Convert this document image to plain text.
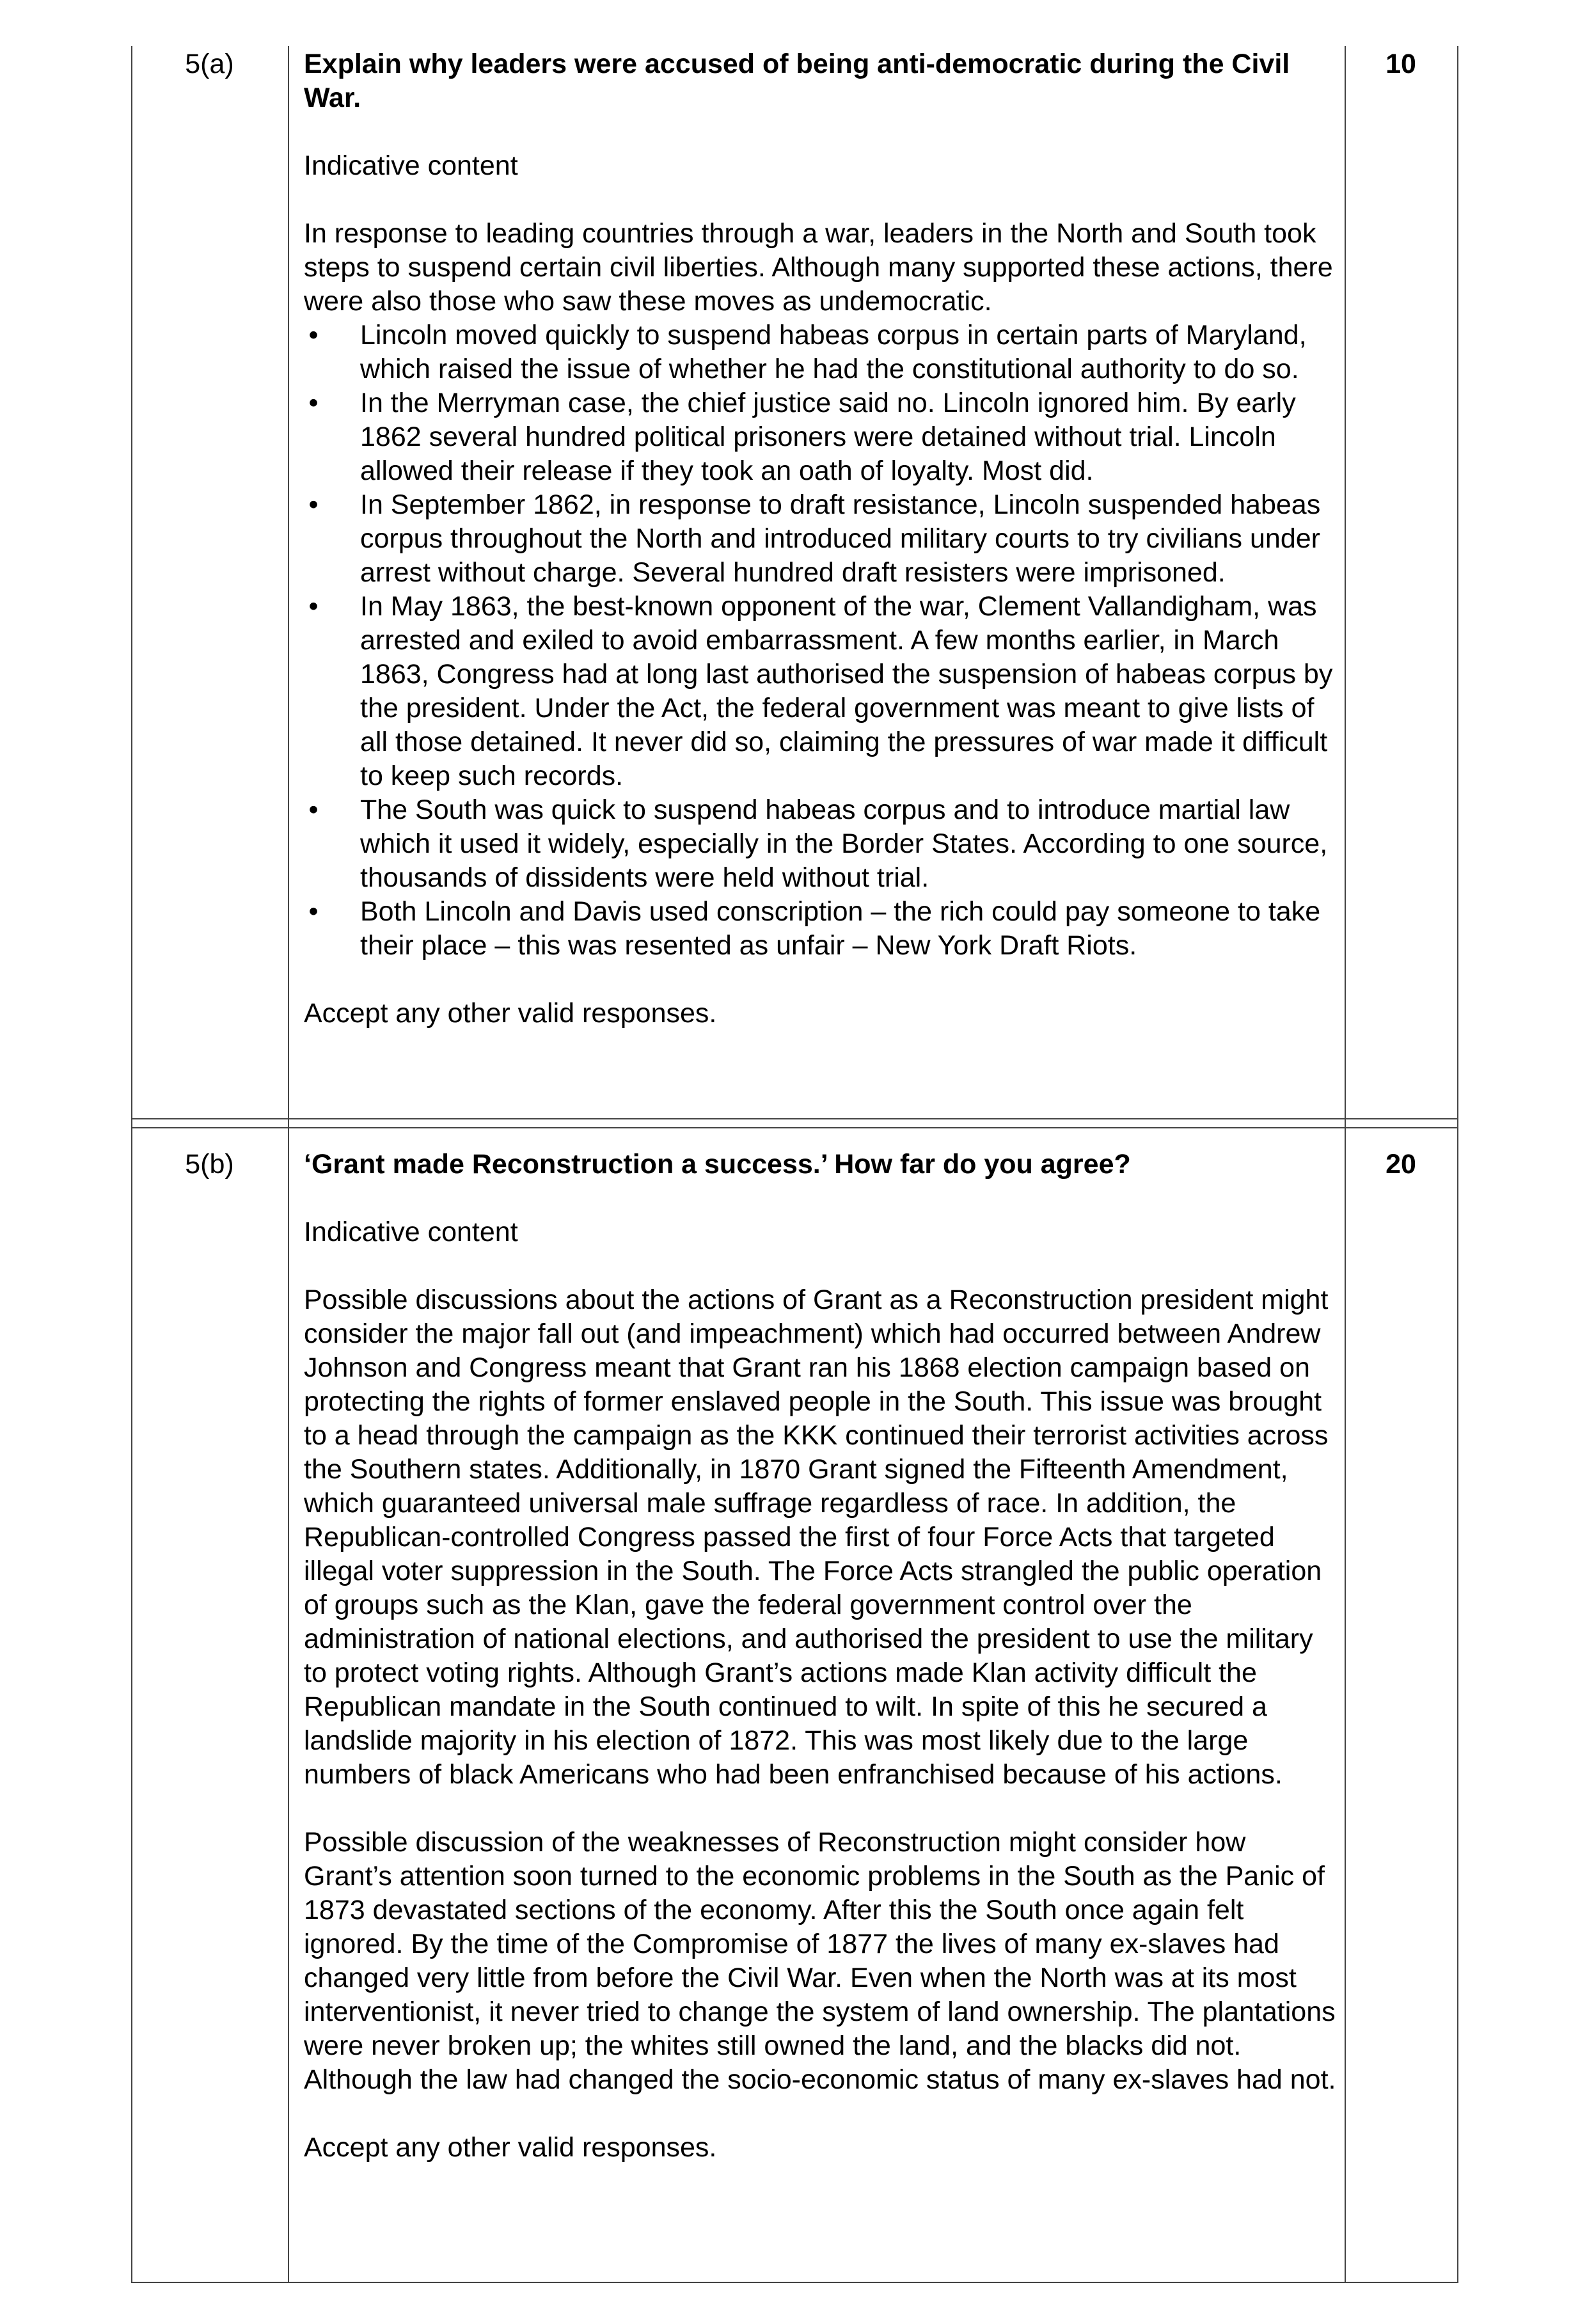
5(a)	10

Explain why leaders were accused of being anti-democratic during the Civil War.

Indicative content

In response to leading countries through a war, leaders in the North and South took steps to suspend certain civil liberties. Although many supported these actions, there were also those who saw these moves as undemocratic.

• Lincoln moved quickly to suspend habeas corpus in certain parts of Maryland, which raised the issue of whether he had the constitutional authority to do so.
• In the Merryman case, the chief justice said no. Lincoln ignored him. By early 1862 several hundred political prisoners were detained without trial. Lincoln allowed their release if they took an oath of loyalty. Most did.
• In September 1862, in response to draft resistance, Lincoln suspended habeas corpus throughout the North and introduced military courts to try civilians under arrest without charge. Several hundred draft resisters were imprisoned.
• In May 1863, the best-known opponent of the war, Clement Vallandigham, was arrested and exiled to avoid embarrassment. A few months earlier, in March 1863, Congress had at long last authorised the suspension of habeas corpus by the president. Under the Act, the federal government was meant to give lists of all those detained. It never did so, claiming the pressures of war made it difficult to keep such records.
• The South was quick to suspend habeas corpus and to introduce martial law which it used it widely, especially in the Border States. According to one source, thousands of dissidents were held without trial.
• Both Lincoln and Davis used conscription – the rich could pay someone to take their place – this was resented as unfair – New York Draft Riots.

Accept any other valid responses.

5(b)	20

‘Grant made Reconstruction a success.’ How far do you agree?

Indicative content

Possible discussions about the actions of Grant as a Reconstruction president might consider the major fall out (and impeachment) which had occurred between Andrew Johnson and Congress meant that Grant ran his 1868 election campaign based on protecting the rights of former enslaved people in the South. This issue was brought to a head through the campaign as the KKK continued their terrorist activities across the Southern states. Additionally, in 1870 Grant signed the Fifteenth Amendment, which guaranteed universal male suffrage regardless of race. In addition, the Republican-controlled Congress passed the first of four Force Acts that targeted illegal voter suppression in the South. The Force Acts strangled the public operation of groups such as the Klan, gave the federal government control over the administration of national elections, and authorised the president to use the military to protect voting rights. Although Grant’s actions made Klan activity difficult the Republican mandate in the South continued to wilt. In spite of this he secured a landslide majority in his election of 1872. This was most likely due to the large numbers of black Americans who had been enfranchised because of his actions.

Possible discussion of the weaknesses of Reconstruction might consider how Grant’s attention soon turned to the economic problems in the South as the Panic of 1873 devastated sections of the economy. After this the South once again felt ignored. By the time of the Compromise of 1877 the lives of many ex-slaves had changed very little from before the Civil War. Even when the North was at its most interventionist, it never tried to change the system of land ownership. The plantations were never broken up; the whites still owned the land, and the blacks did not. Although the law had changed the socio-economic status of many ex-slaves had not.

Accept any other valid responses.
